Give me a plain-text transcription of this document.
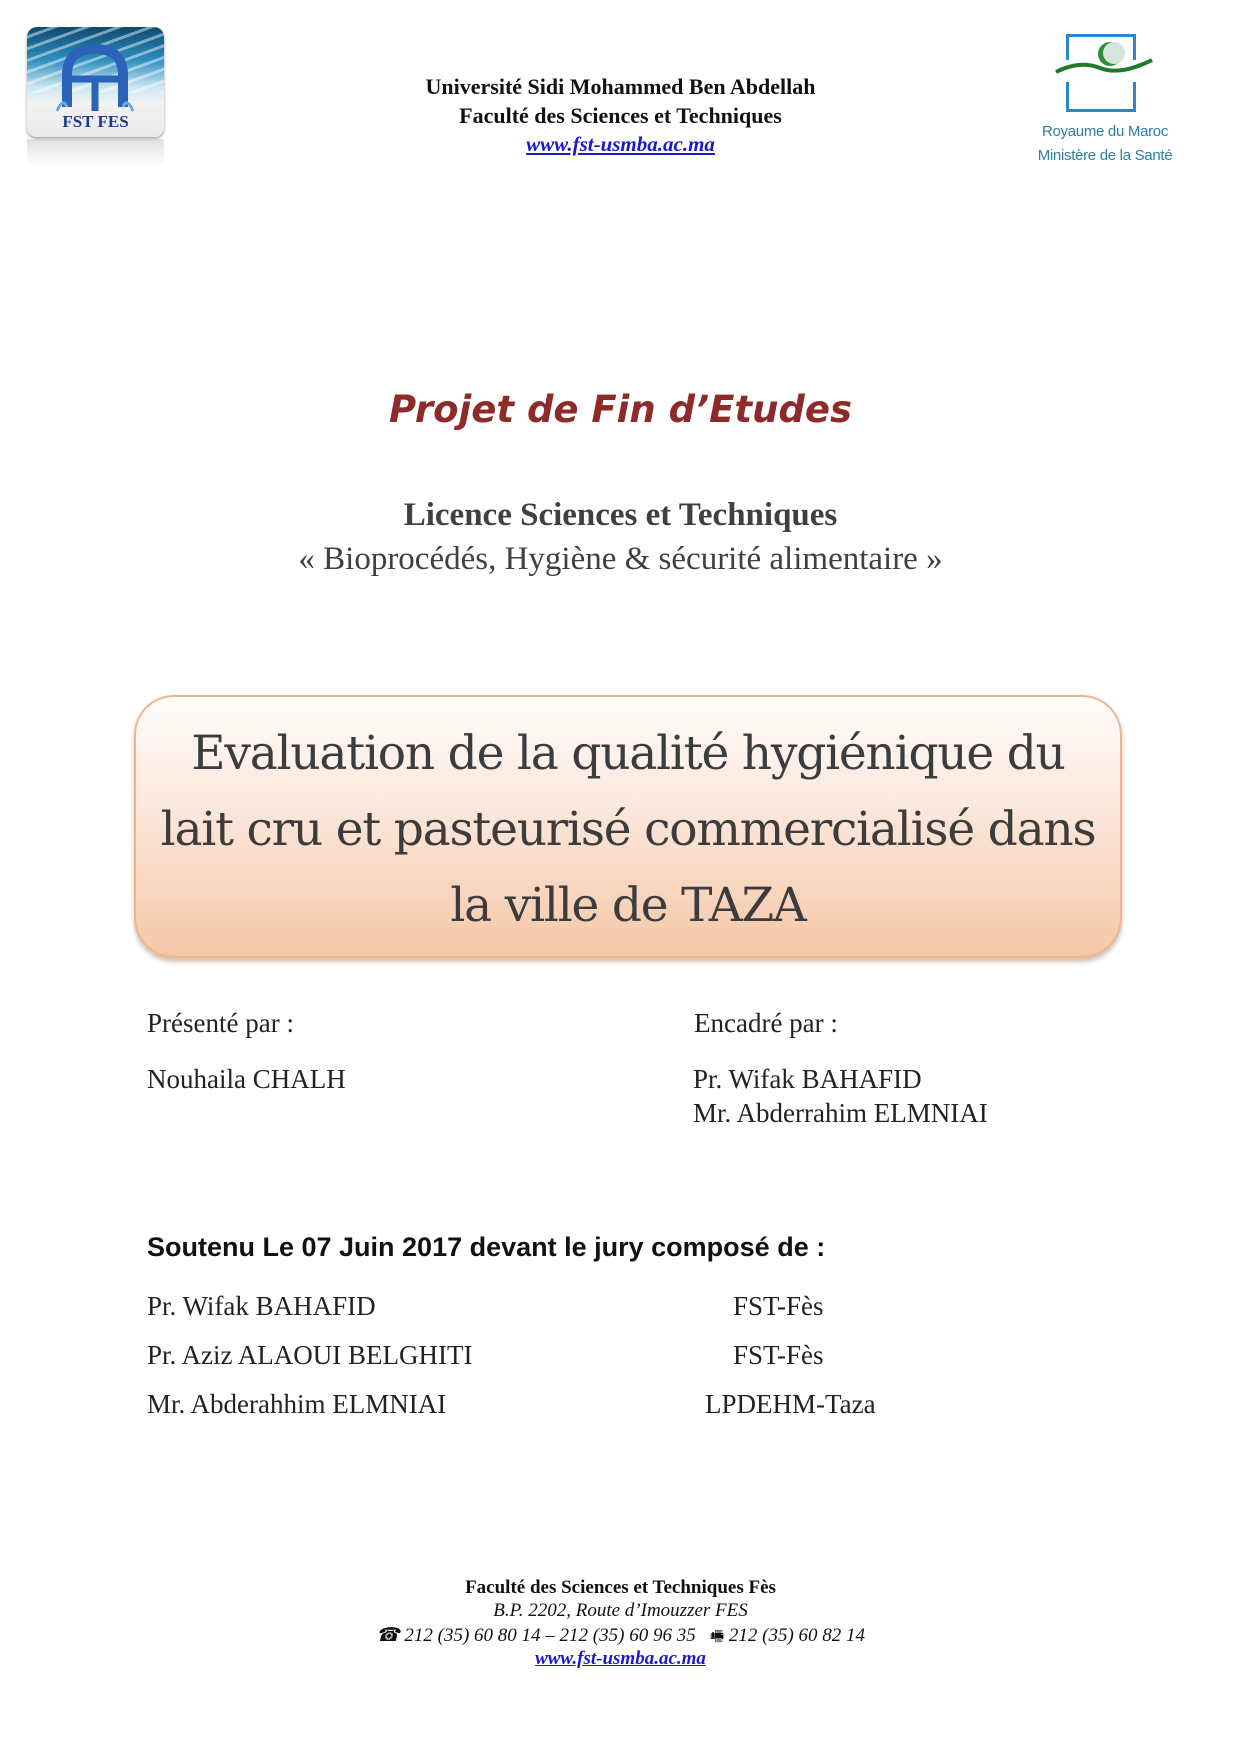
FST FES
Université Sidi Mohammed Ben Abdellah
Faculté des Sciences et Techniques
www.fst-usmba.ac.ma
Royaume du Maroc
Ministère de la Santé
Projet de Fin d’Etudes
Licence Sciences et Techniques
« Bioprocédés, Hygiène & sécurité alimentaire »
Evaluation de la qualité hygiénique du
lait cru et pasteurisé commercialisé dans
la ville de TAZA
Présenté par :
Nouhaila CHALH
Encadré par :
Pr. Wifak BAHAFID
Mr. Abderrahim ELMNIAI
Soutenu Le 07 Juin 2017 devant le jury composé de :
Pr. Wifak BAHAFID	FST-Fès
Pr. Aziz ALAOUI BELGHITI	FST-Fès
Mr. Abderahhim ELMNIAI	LPDEHM-Taza
Faculté des Sciences et Techniques Fès
B.P. 2202, Route d’Imouzzer FES
☎ 212 (35) 60 80 14 – 212 (35) 60 96 35 🖷 212 (35) 60 82 14
www.fst-usmba.ac.ma
